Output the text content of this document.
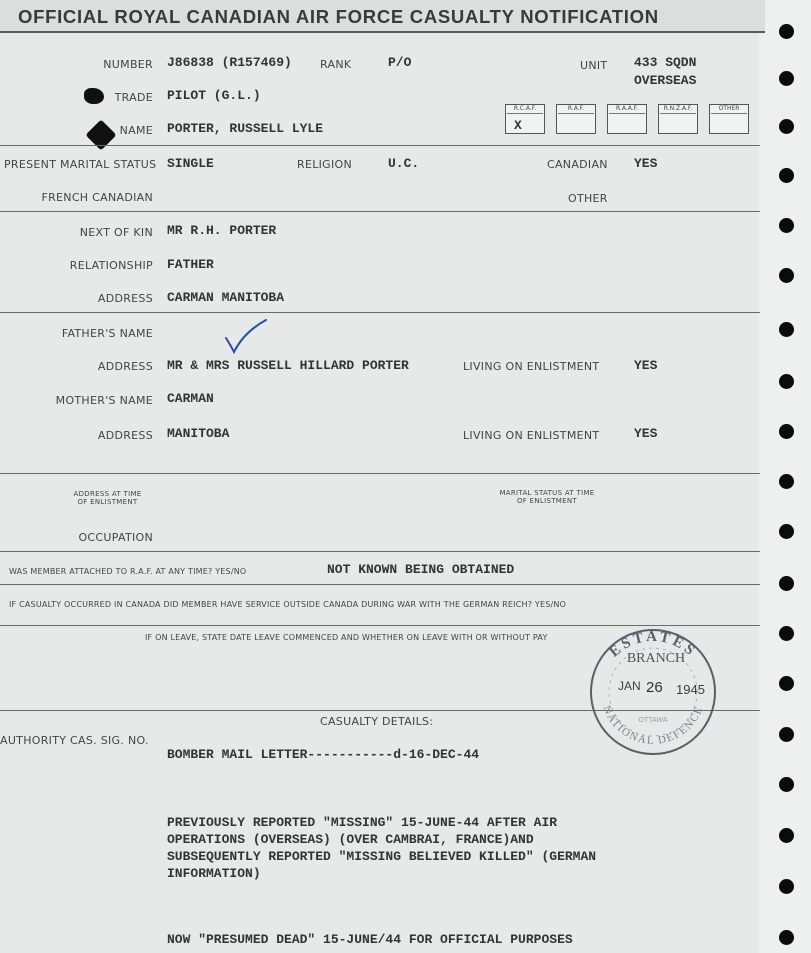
OFFICIAL ROYAL CANADIAN AIR FORCE CASUALTY NOTIFICATION
NUMBER J86838 (R157469)	RANK	P/O	UNIT 433 SQDN
OVERSEAS
TRADE PILOT (G.L.)
R.C.A.F.
X
R.A.F.	R.A.A.F.	R.N.Z.A.F.	OTHER
NAME PORTER, RUSSELL LYLE
PRESENT MARITAL STATUS SINGLE	RELIGION	U.C.	CANADIAN YES
FRENCH CANADIAN	OTHER
NEXT OF KIN MR R.H. PORTER
RELATIONSHIP FATHER
ADDRESS CARMAN MANITOBA
FATHER'S NAME
ADDRESS MR & MRS RUSSELL HILLARD PORTER	LIVING ON ENLISTMENT	YES
MOTHER'S NAME CARMAN
ADDRESS MANITOBA	LIVING ON ENLISTMENT	YES
ADDRESS AT TIME
OF ENLISTMENT
MARITAL STATUS AT TIME
OF ENLISTMENT
OCCUPATION
WAS MEMBER ATTACHED TO R.A.F. AT ANY TIME? YES/NO	NOT KNOWN BEING OBTAINED
IF CASUALTY OCCURRED IN CANADA DID MEMBER HAVE SERVICE OUTSIDE CANADA DURING WAR WITH THE GERMAN REICH? YES/NO
IF ON LEAVE, STATE DATE LEAVE COMMENCED AND WHETHER ON LEAVE WITH OR WITHOUT PAY
CASUALTY DETAILS:
AUTHORITY CAS. SIG. NO.
BOMBER MAIL LETTER-----------d-16-DEC-44
PREVIOUSLY REPORTED "MISSING" 15-JUNE-44 AFTER AIR
OPERATIONS (OVERSEAS) (OVER CAMBRAI, FRANCE)AND
SUBSEQUENTLY REPORTED "MISSING BELIEVED KILLED" (GERMAN
INFORMATION)
NOW "PRESUMED DEAD" 15-JUNE/44 FOR OFFICIAL PURPOSES
ESTATES
BRANCH
JAN 26 1945
OTTAWA
NATIONAL DEFENCE
